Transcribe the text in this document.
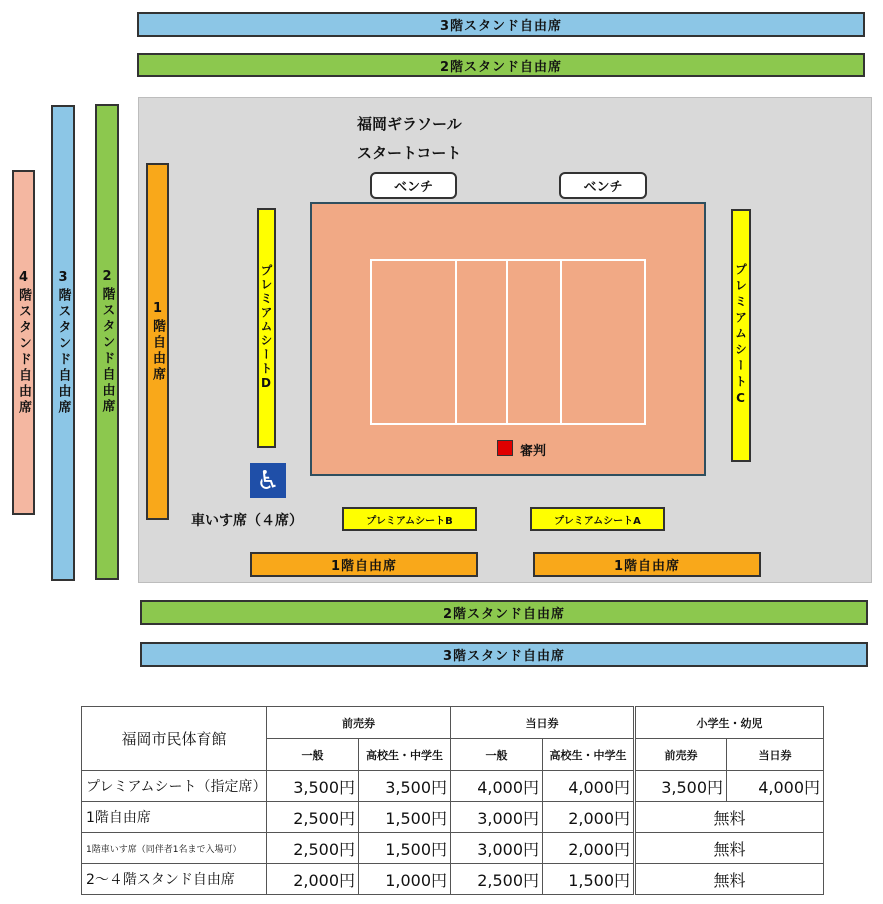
3階スタンド自由席
2階スタンド自由席
4階スタンド自由席 3階スタンド自由席 2階スタンド自由席	1階自由席
福岡ギラソール
スタートコート
ベンチ	ベンチ
プレミアムシートD	プレミアムシートC
審判
♿
車いす席（４席）	プレミアムシートB	プレミアムシートA
1階自由席	1階自由席
2階スタンド自由席
3階スタンド自由席
福岡市民体育館	前売券		当日券		小学生・幼児	
	一般	高校生・中学生	一般	高校生・中学生	前売券	当日券
プレミアムシート（指定席）	3,500円	3,500円	4,000円	4,000円	3,500円	4,000円
1階自由席	2,500円	1,500円	3,000円	2,000円	無料	
1階車いす席（同伴者1名まで入場可）	2,500円	1,500円	3,000円	2,000円	無料	
2～４階スタンド自由席	2,000円	1,000円	2,500円	1,500円	無料	
